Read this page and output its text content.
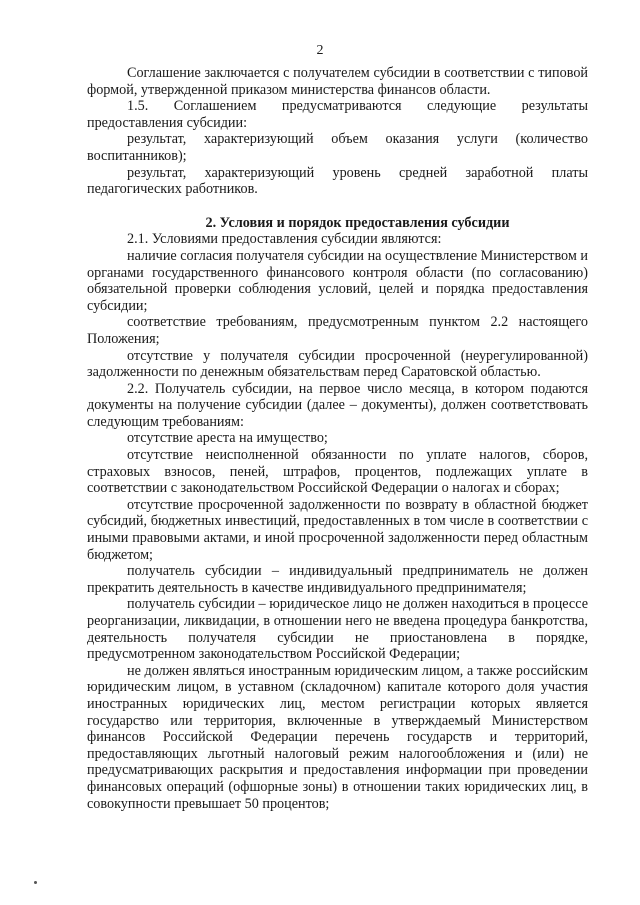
2

Соглашение заключается с получателем субсидии в соответствии с типовой формой, утвержденной приказом министерства финансов области.

1.5. Соглашением предусматриваются следующие результаты предоставления субсидии:

результат, характеризующий объем оказания услуги (количество воспитанников);

результат, характеризующий уровень средней заработной платы педагогических работников.

2. Условия и порядок предоставления субсидии

2.1. Условиями предоставления субсидии являются:

наличие согласия получателя субсидии на осуществление Министерством и органами государственного финансового контроля области (по согласованию) обязательной проверки соблюдения условий, целей и порядка предоставления субсидии;

соответствие требованиям, предусмотренным пунктом 2.2 настоящего Положения;

отсутствие у получателя субсидии просроченной (неурегулированной) задолженности по денежным обязательствам перед Саратовской областью.

2.2. Получатель субсидии, на первое число месяца, в котором подаются документы на получение субсидии (далее – документы), должен соответствовать следующим требованиям:

отсутствие ареста на имущество;

отсутствие неисполненной обязанности по уплате налогов, сборов, страховых взносов, пеней, штрафов, процентов, подлежащих уплате в соответствии с законодательством Российской Федерации о налогах и сборах;

отсутствие просроченной задолженности по возврату в областной бюджет субсидий, бюджетных инвестиций, предоставленных в том числе в соответствии с иными правовыми актами, и иной просроченной задолженности перед областным бюджетом;

получатель субсидии – индивидуальный предприниматель не должен прекратить деятельность в качестве индивидуального предпринимателя;

получатель субсидии – юридическое лицо не должен находиться в процессе реорганизации, ликвидации, в отношении него не введена процедура банкротства, деятельность получателя субсидии не приостановлена в порядке, предусмотренном законодательством Российской Федерации;

не должен являться иностранным юридическим лицом, а также российским юридическим лицом, в уставном (складочном) капитале которого доля участия иностранных юридических лиц, местом регистрации которых является государство или территория, включенные в утверждаемый Министерством финансов Российской Федерации перечень государств и территорий, предоставляющих льготный налоговый режим налогообложения и (или) не предусматривающих раскрытия и предоставления информации при проведении финансовых операций (офшорные зоны) в отношении таких юридических лиц, в совокупности превышает 50 процентов;
